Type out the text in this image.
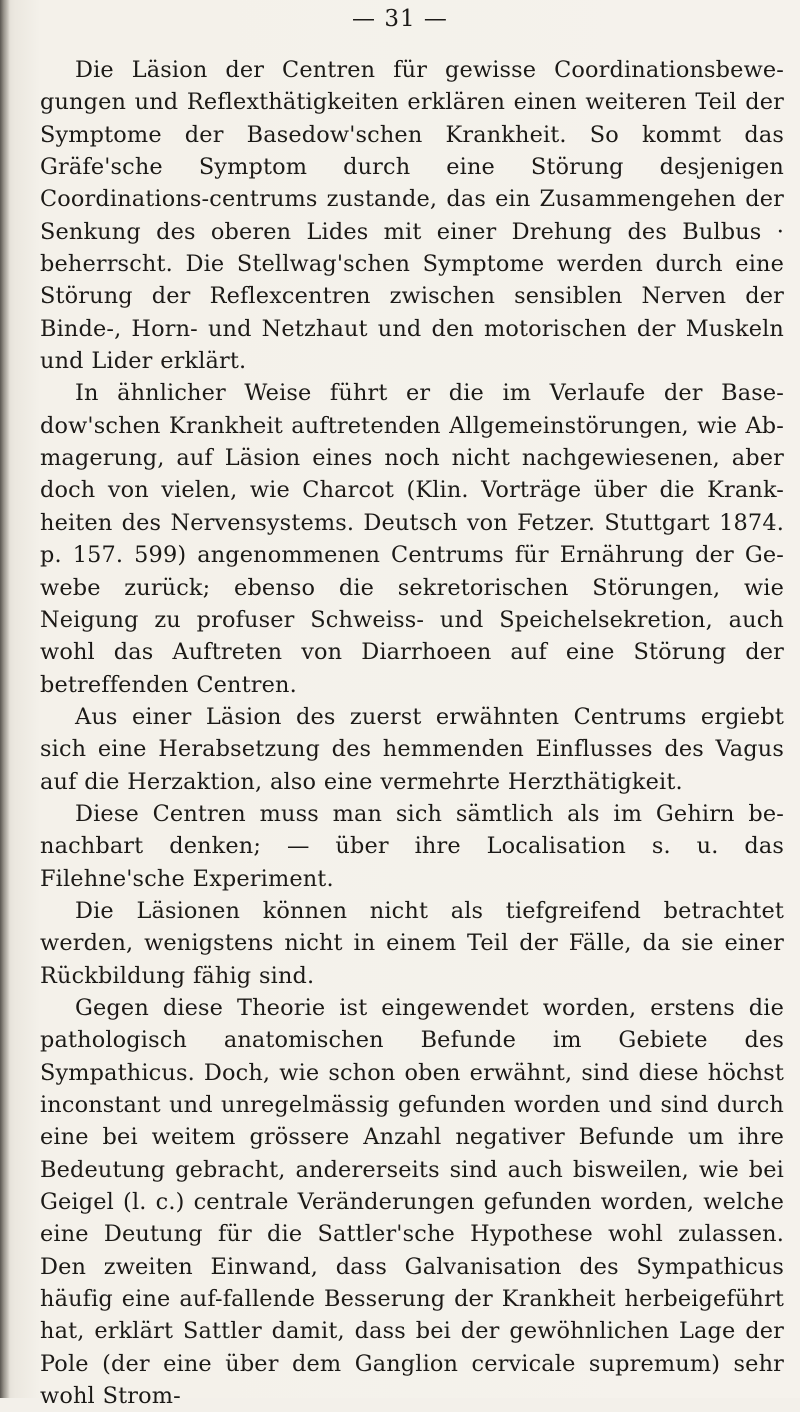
— 31 —

Die Läsion der Centren für gewisse Coordinationsbewe-gungen und Reflexthätigkeiten erklären einen weiteren Teil der Symptome der Basedow'schen Krankheit. So kommt das Gräfe'sche Symptom durch eine Störung desjenigen Coordinations-centrums zustande, das ein Zusammengehen der Senkung des oberen Lides mit einer Drehung des Bulbus · beherrscht. Die Stellwag'schen Symptome werden durch eine Störung der Reflexcentren zwischen sensiblen Nerven der Binde-, Horn- und Netzhaut und den motorischen der Muskeln und Lider erklärt.

In ähnlicher Weise führt er die im Verlaufe der Base-dow'schen Krankheit auftretenden Allgemeinstörungen, wie Ab-magerung, auf Läsion eines noch nicht nachgewiesenen, aber doch von vielen, wie Charcot (Klin. Vorträge über die Krank-heiten des Nervensystems. Deutsch von Fetzer. Stuttgart 1874. p. 157. 599) angenommenen Centrums für Ernährung der Ge-webe zurück; ebenso die sekretorischen Störungen, wie Neigung zu profuser Schweiss- und Speichelsekretion, auch wohl das Auftreten von Diarrhoeen auf eine Störung der betreffenden Centren.

Aus einer Läsion des zuerst erwähnten Centrums ergiebt sich eine Herabsetzung des hemmenden Einflusses des Vagus auf die Herzaktion, also eine vermehrte Herzthätigkeit.

Diese Centren muss man sich sämtlich als im Gehirn be-nachbart denken; — über ihre Localisation s. u. das Filehne'sche Experiment.

Die Läsionen können nicht als tiefgreifend betrachtet werden, wenigstens nicht in einem Teil der Fälle, da sie einer Rückbildung fähig sind.

Gegen diese Theorie ist eingewendet worden, erstens die pathologisch anatomischen Befunde im Gebiete des Sympathicus. Doch, wie schon oben erwähnt, sind diese höchst inconstant und unregelmässig gefunden worden und sind durch eine bei weitem grössere Anzahl negativer Befunde um ihre Bedeutung gebracht, andererseits sind auch bisweilen, wie bei Geigel (l. c.) centrale Veränderungen gefunden worden, welche eine Deutung für die Sattler'sche Hypothese wohl zulassen. Den zweiten Einwand, dass Galvanisation des Sympathicus häufig eine auf-fallende Besserung der Krankheit herbeigeführt hat, erklärt Sattler damit, dass bei der gewöhnlichen Lage der Pole (der eine über dem Ganglion cervicale supremum) sehr wohl Strom-
